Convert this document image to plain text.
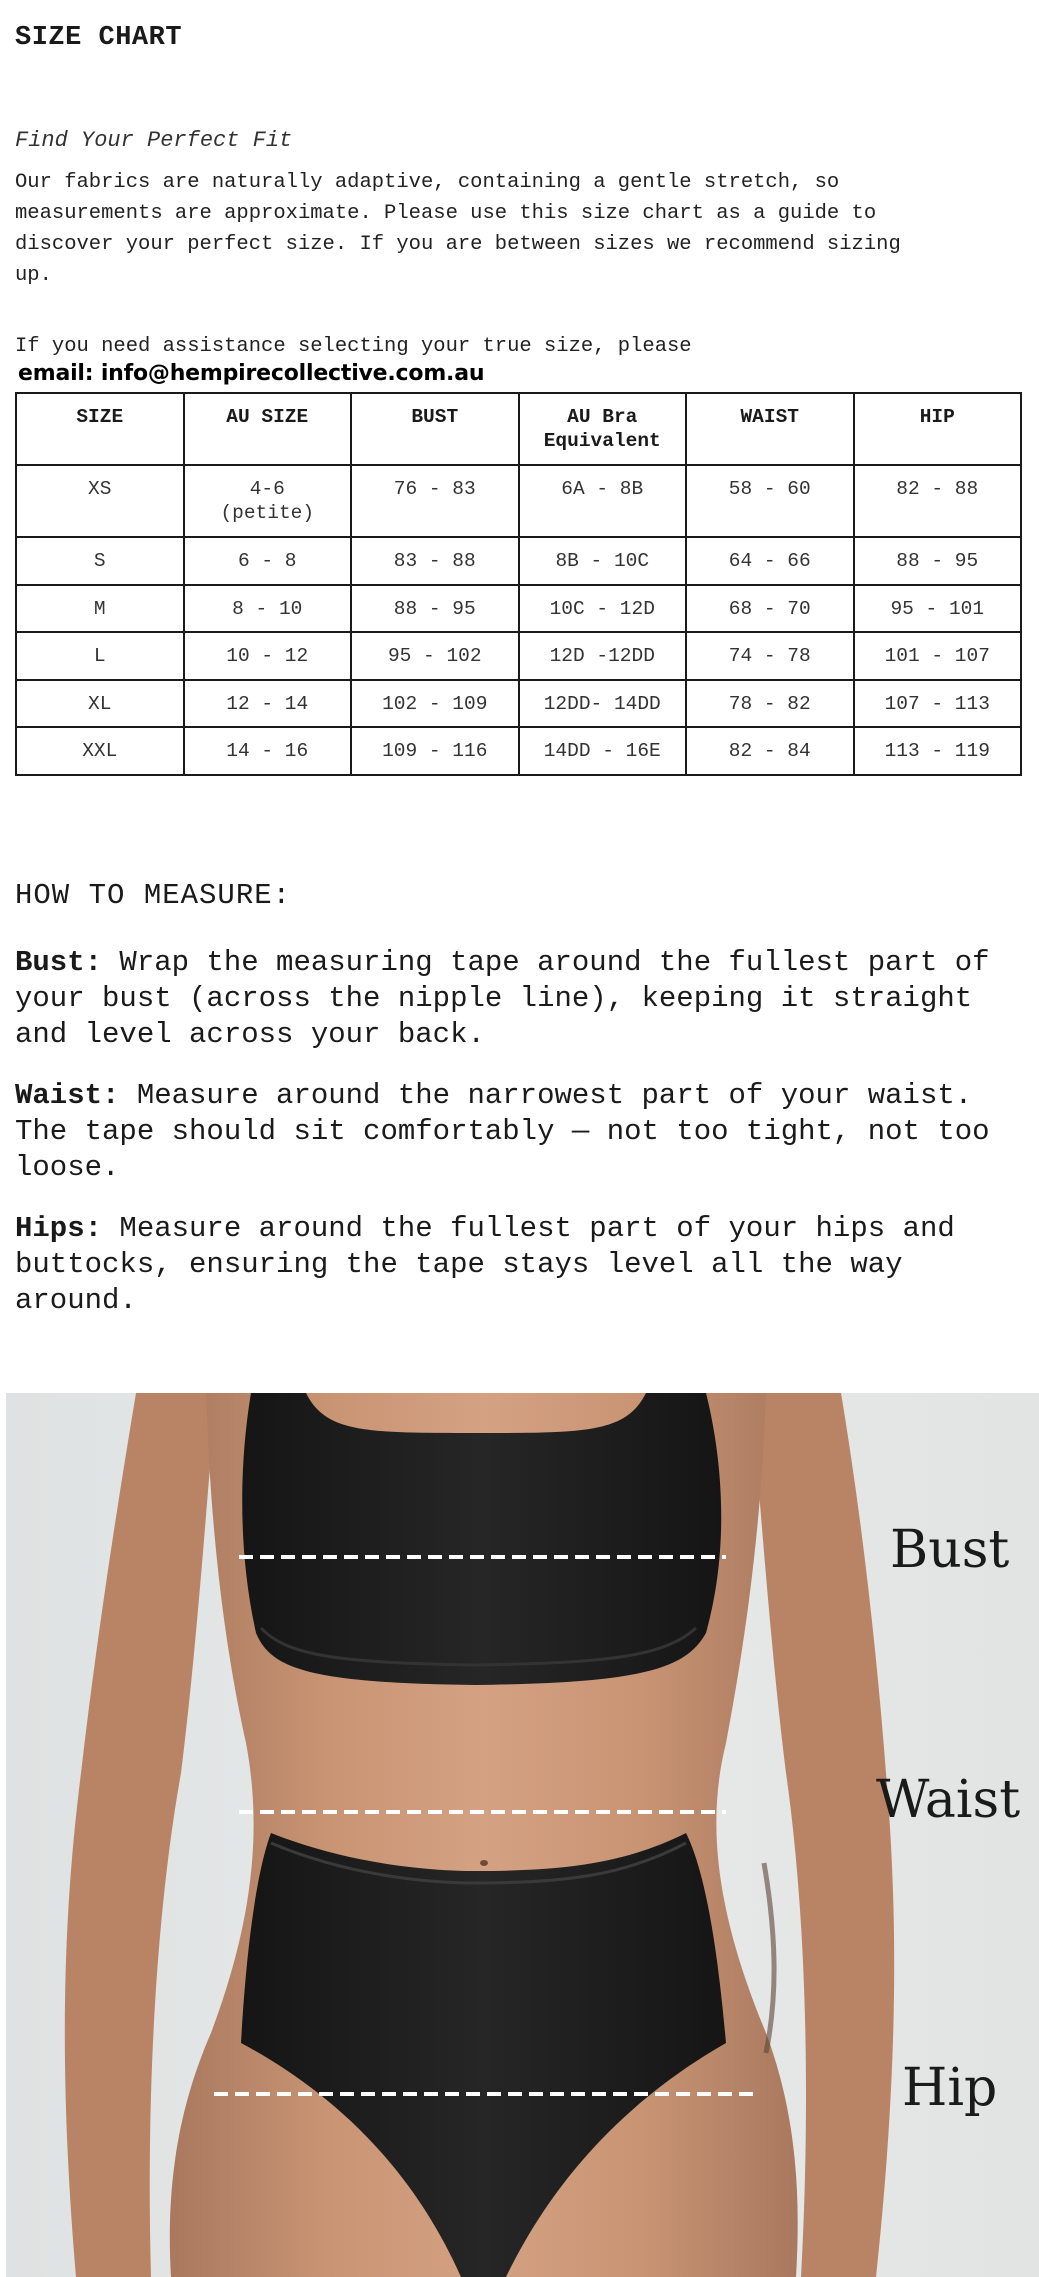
SIZE CHART

Find Your Perfect Fit

Our fabrics are naturally adaptive, containing a gentle stretch, so measurements are approximate. Please use this size chart as a guide to discover your perfect size. If you are between sizes we recommend sizing up.

If you need assistance selecting your true size, please

email: info@hempirecollective.com.au
SIZE	AU SIZE	BUST	AU Bra Equivalent	WAIST	HIP
XS	4-6 (petite)	76 - 83	6A - 8B	58 - 60	82 - 88
S	6 - 8	83 - 88	8B - 10C	64 - 66	88 - 95
M	8 - 10	88 - 95	10C - 12D	68 - 70	95 - 101
L	10 - 12	95 - 102	12D -12DD	74 - 78	101 - 107
XL	12 - 14	102 - 109	12DD- 14DD	78 - 82	107 - 113
XXL	14 - 16	109 - 116	14DD - 16E	82 - 84	113 - 119
HOW TO MEASURE:

Bust: Wrap the measuring tape around the fullest part of your bust (across the nipple line), keeping it straight and level across your back.

Waist: Measure around the narrowest part of your waist. The tape should sit comfortably — not too tight, not too loose.

Hips: Measure around the fullest part of your hips and buttocks, ensuring the tape stays level all the way around.

Bust
Waist
Hip
